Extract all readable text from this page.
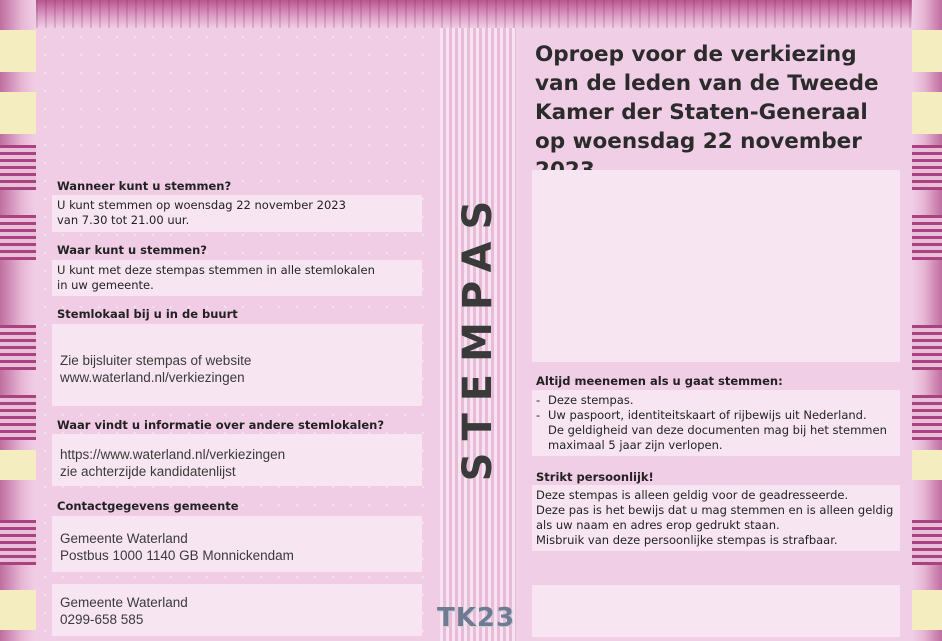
STEMPAS
TK23
Wanneer kunt u stemmen?
U kunt stemmen op woensdag 22 november 2023
van 7.30 tot 21.00 uur.
Waar kunt u stemmen?
U kunt met deze stempas stemmen in alle stemlokalen
in uw gemeente.
Stemlokaal bij u in de buurt
Zie bijsluiter stempas of website
www.waterland.nl/verkiezingen
Waar vindt u informatie over andere stemlokalen?
https://www.waterland.nl/verkiezingen
zie achterzijde kandidatenlijst
Contactgegevens gemeente
Gemeente Waterland
Postbus 1000 1140 GB Monnickendam
Gemeente Waterland
0299-658 585
Oproep voor de verkiezing van de leden van de Tweede Kamer der Staten-Generaal op woensdag 22 november
Altijd meenemen als u gaat stemmen:
- Deze stempas.
- Uw paspoort, identiteitskaart of rijbewijs uit Nederland.
De geldigheid van deze documenten mag bij het stemmen
maximaal 5 jaar zijn verlopen.
Strikt persoonlijk!
Deze stempas is alleen geldig voor de geadresseerde.
Deze pas is het bewijs dat u mag stemmen en is alleen geldig
als uw naam en adres erop gedrukt staan.
Misbruik van deze persoonlijke stempas is strafbaar.
